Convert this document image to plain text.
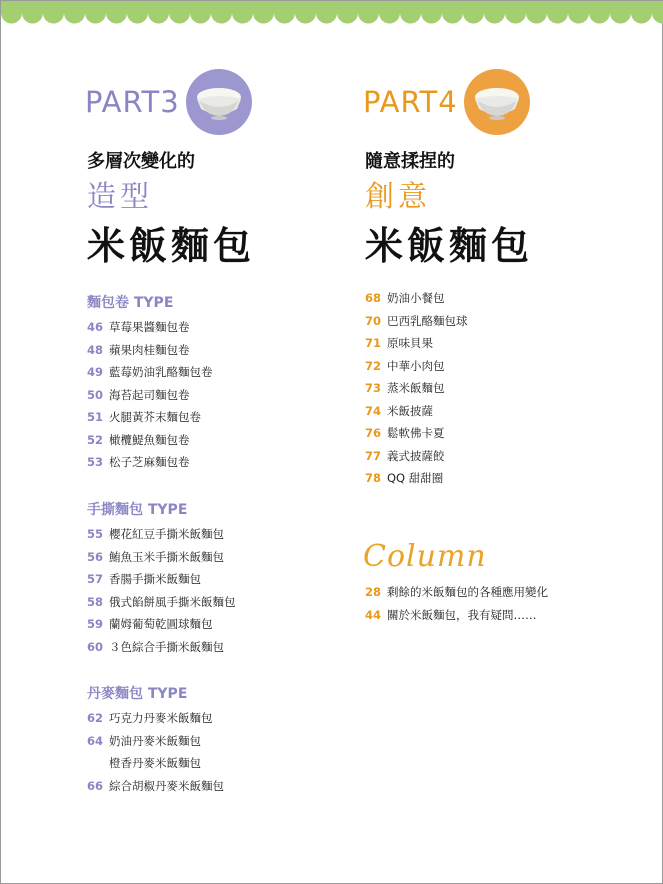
PART3
多層次變化的
造型
米飯麵包
PART4
隨意揉捏的
創意
米飯麵包
麵包卷 TYPE
46 草莓果醬麵包卷
48 蘋果肉桂麵包卷
49 藍莓奶油乳酪麵包卷
50 海苔起司麵包卷
51 火腿黃芥末麵包卷
52 橄欖鯷魚麵包卷
53 松子芝麻麵包卷
手撕麵包 TYPE
55 櫻花紅豆手撕米飯麵包
56 鮪魚玉米手撕米飯麵包
57 香腸手撕米飯麵包
58 俄式餡餅風手撕米飯麵包
59 蘭姆葡萄乾圓球麵包
60 ３色綜合手撕米飯麵包
丹麥麵包 TYPE
62 巧克力丹麥米飯麵包
64 奶油丹麥米飯麵包
橙香丹麥米飯麵包
66 綜合胡椒丹麥米飯麵包
68 奶油小餐包
70 巴西乳酪麵包球
71 原味貝果
72 中華小肉包
73 蒸米飯麵包
74 米飯披薩
76 鬆軟佛卡夏
77 義式披薩餃
78 QQ 甜甜圈
Column
28 剩餘的米飯麵包的各種應用變化
44 關於米飯麵包，我有疑問……
